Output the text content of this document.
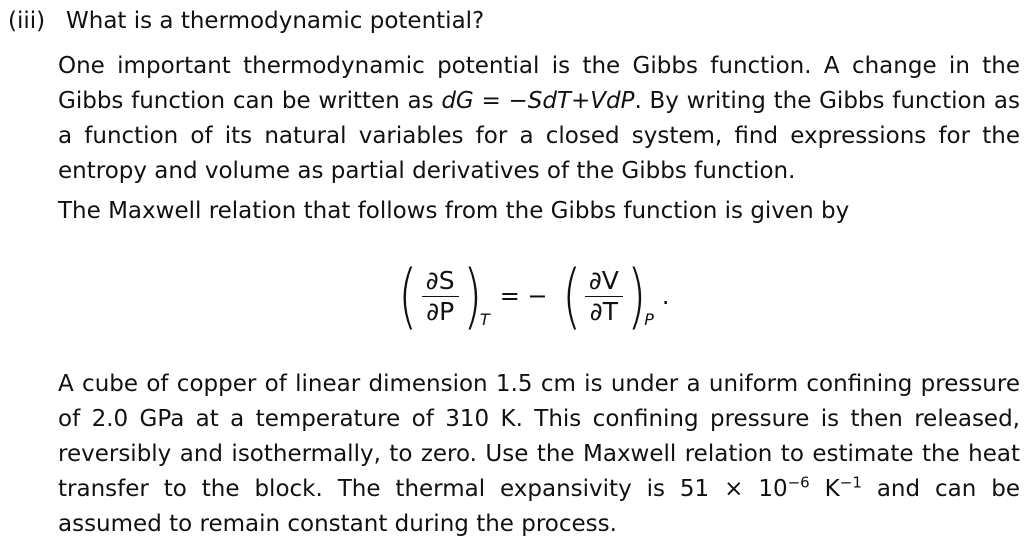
(iii) What is a thermodynamic potential?
One important thermodynamic potential is the Gibbs function. A change in the Gibbs function can be written as dG = −SdT+VdP. By writing the Gibbs function as a function of its natural variables for a closed system, find expressions for the entropy and volume as partial derivatives of the Gibbs function.
The Maxwell relation that follows from the Gibbs function is given by
( $\frac{\partial S}{\partial P}$ )
T
= − ( $\frac{\partial V}{\partial T}$ )
P
.
A cube of copper of linear dimension 1.5 cm is under a uniform confining pressure of 2.0 GPa at a temperature of 310 K. This confining pressure is then released, reversibly and isothermally, to zero. Use the Maxwell relation to estimate the heat transfer to the block. The thermal expansivity is $51 \times 10^{-6}$ $K^{-1}$ and can be assumed to remain constant during the process.
